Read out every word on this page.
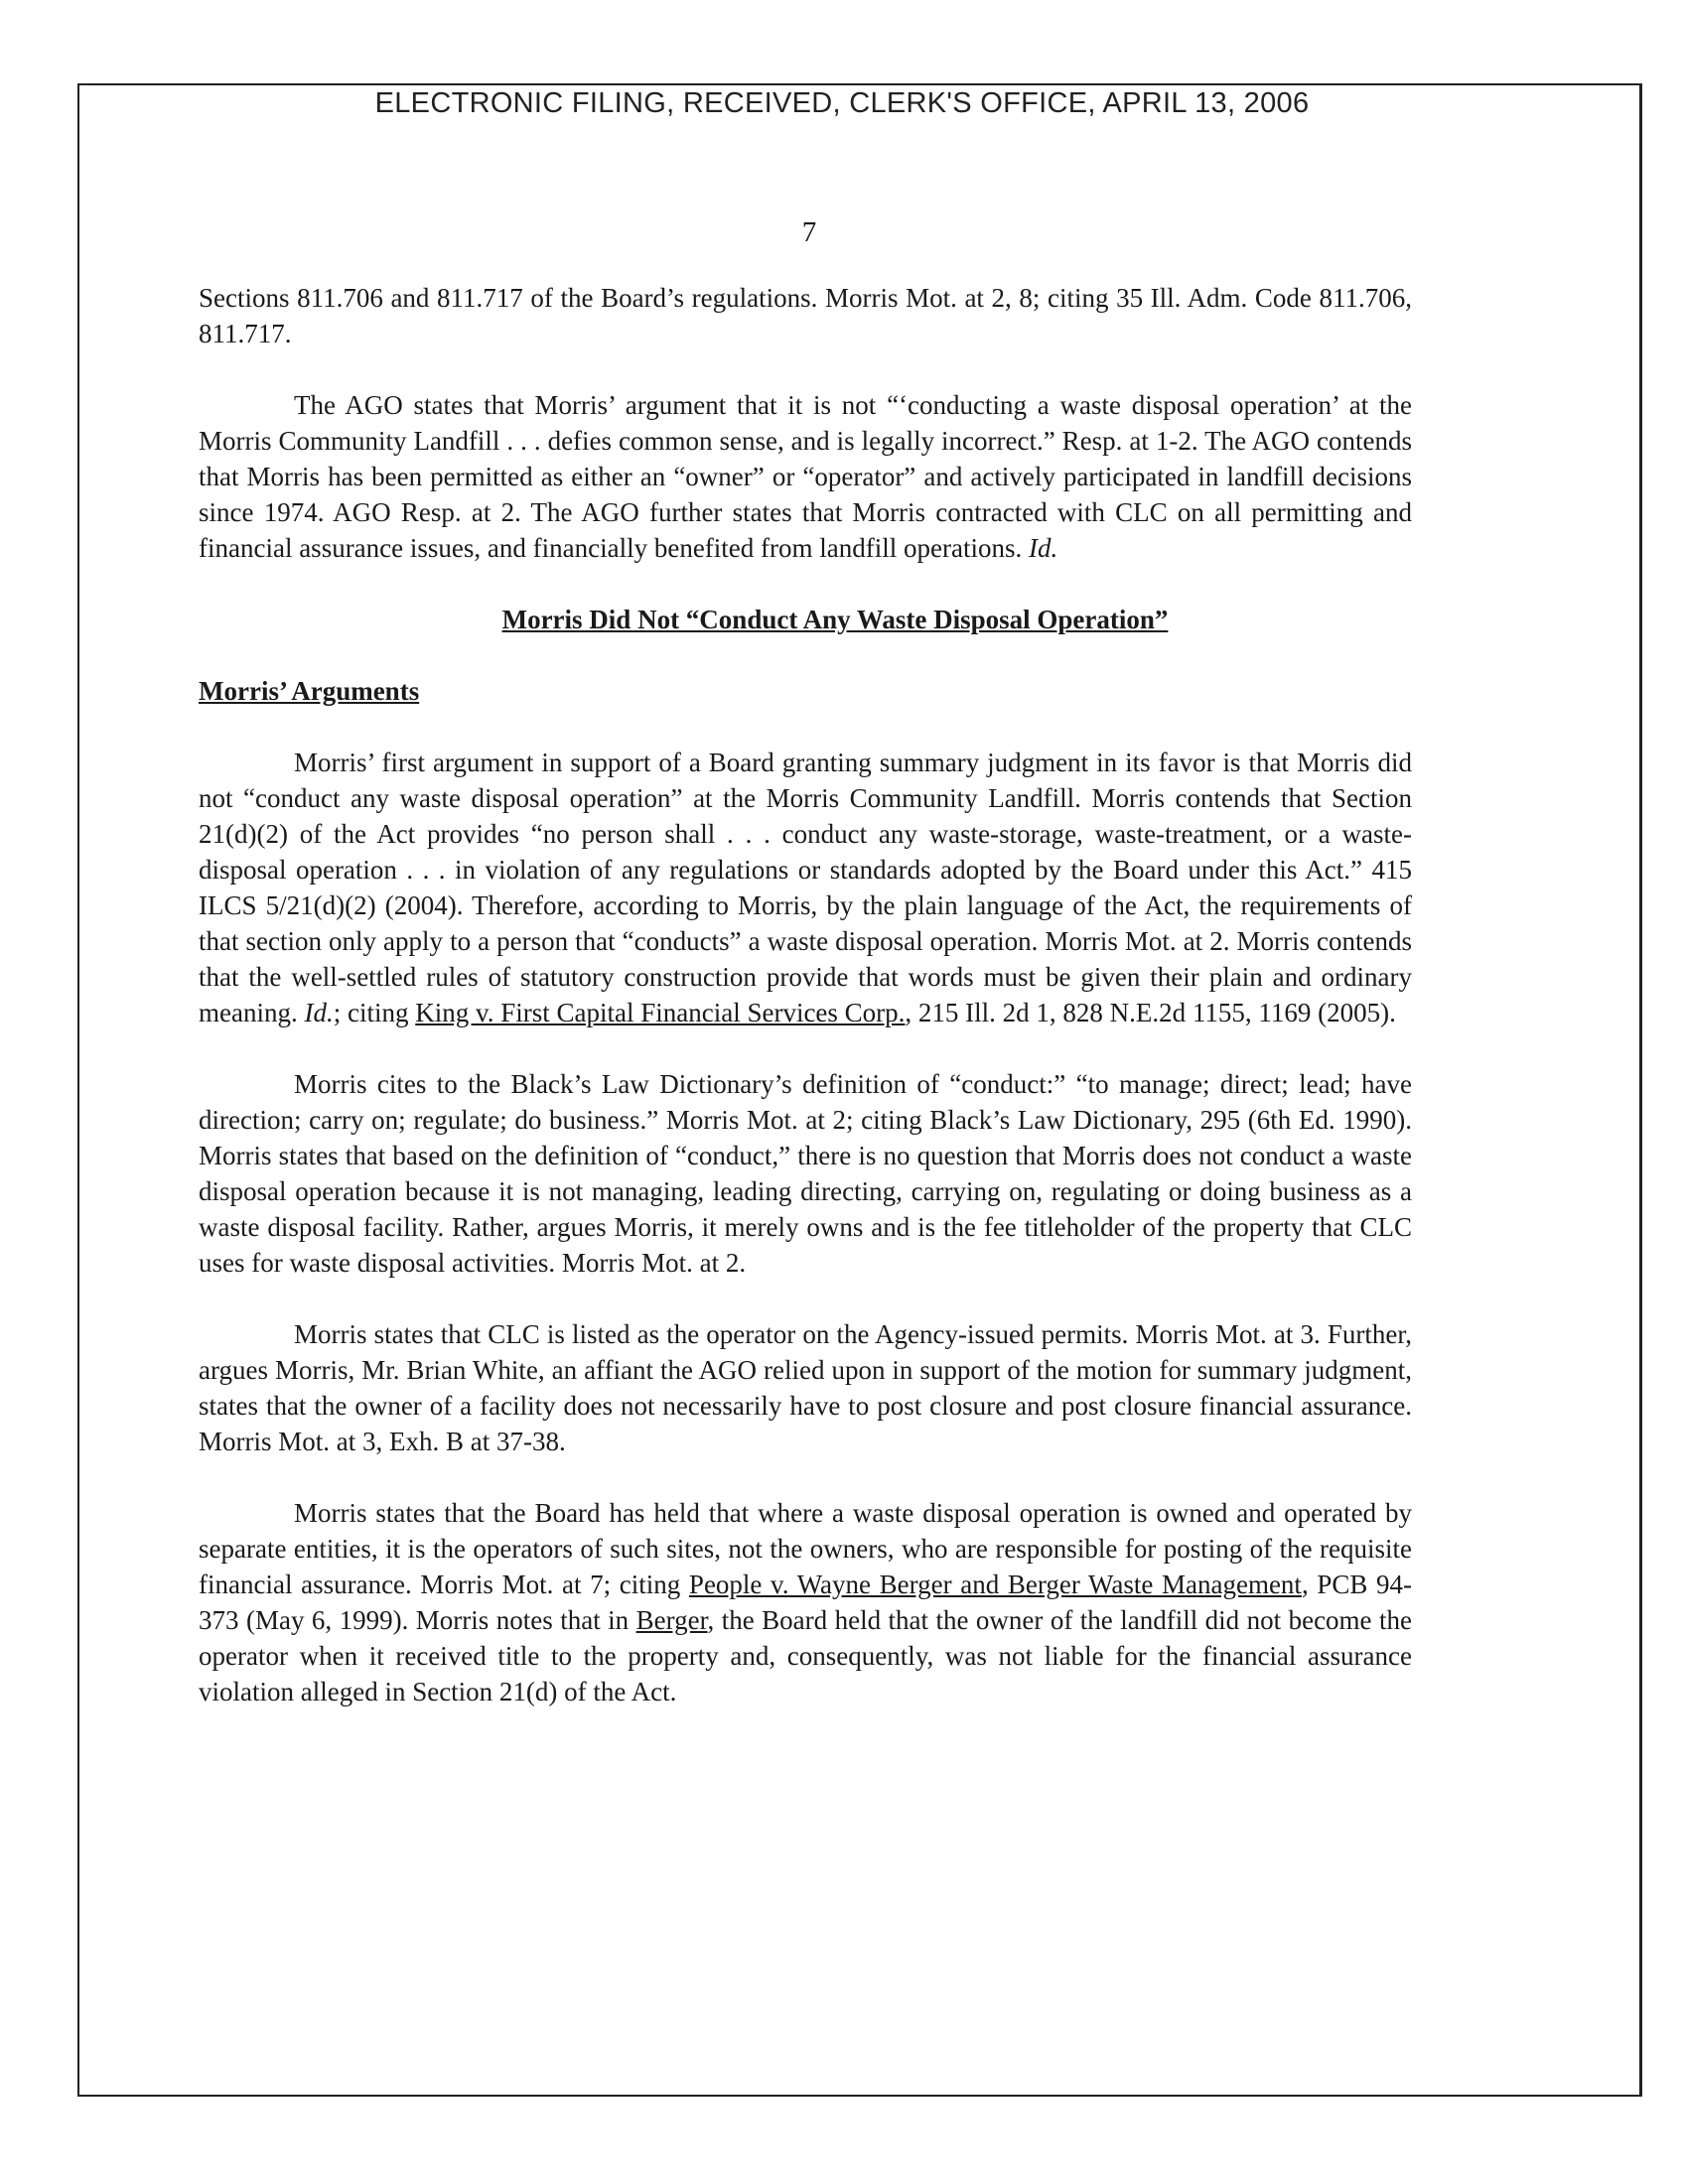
ELECTRONIC FILING, RECEIVED, CLERK'S OFFICE, APRIL 13, 2006
7

Sections 811.706 and 811.717 of the Board’s regulations. Morris Mot. at 2, 8; citing 35 Ill. Adm. Code 811.706, 811.717.

The AGO states that Morris’ argument that it is not “‘conducting a waste disposal operation’ at the Morris Community Landfill . . . defies common sense, and is legally incorrect.” Resp. at 1-2. The AGO contends that Morris has been permitted as either an “owner” or “operator” and actively participated in landfill decisions since 1974. AGO Resp. at 2. The AGO further states that Morris contracted with CLC on all permitting and financial assurance issues, and financially benefited from landfill operations. Id.

Morris Did Not “Conduct Any Waste Disposal Operation”
Morris’ Arguments

Morris’ first argument in support of a Board granting summary judgment in its favor is that Morris did not “conduct any waste disposal operation” at the Morris Community Landfill. Morris contends that Section 21(d)(2) of the Act provides “no person shall . . . conduct any waste-storage, waste-treatment, or a waste-disposal operation . . . in violation of any regulations or standards adopted by the Board under this Act.” 415 ILCS 5/21(d)(2) (2004). Therefore, according to Morris, by the plain language of the Act, the requirements of that section only apply to a person that “conducts” a waste disposal operation. Morris Mot. at 2. Morris contends that the well-settled rules of statutory construction provide that words must be given their plain and ordinary meaning. Id.; citing King v. First Capital Financial Services Corp., 215 Ill. 2d 1, 828 N.E.2d 1155, 1169 (2005).

Morris cites to the Black’s Law Dictionary’s definition of “conduct:” “to manage; direct; lead; have direction; carry on; regulate; do business.” Morris Mot. at 2; citing Black’s Law Dictionary, 295 (6th Ed. 1990). Morris states that based on the definition of “conduct,” there is no question that Morris does not conduct a waste disposal operation because it is not managing, leading directing, carrying on, regulating or doing business as a waste disposal facility. Rather, argues Morris, it merely owns and is the fee titleholder of the property that CLC uses for waste disposal activities. Morris Mot. at 2.

Morris states that CLC is listed as the operator on the Agency-issued permits. Morris Mot. at 3. Further, argues Morris, Mr. Brian White, an affiant the AGO relied upon in support of the motion for summary judgment, states that the owner of a facility does not necessarily have to post closure and post closure financial assurance. Morris Mot. at 3, Exh. B at 37-38.

Morris states that the Board has held that where a waste disposal operation is owned and operated by separate entities, it is the operators of such sites, not the owners, who are responsible for posting of the requisite financial assurance. Morris Mot. at 7; citing People v. Wayne Berger and Berger Waste Management, PCB 94-373 (May 6, 1999). Morris notes that in Berger, the Board held that the owner of the landfill did not become the operator when it received title to the property and, consequently, was not liable for the financial assurance violation alleged in Section 21(d) of the Act.
